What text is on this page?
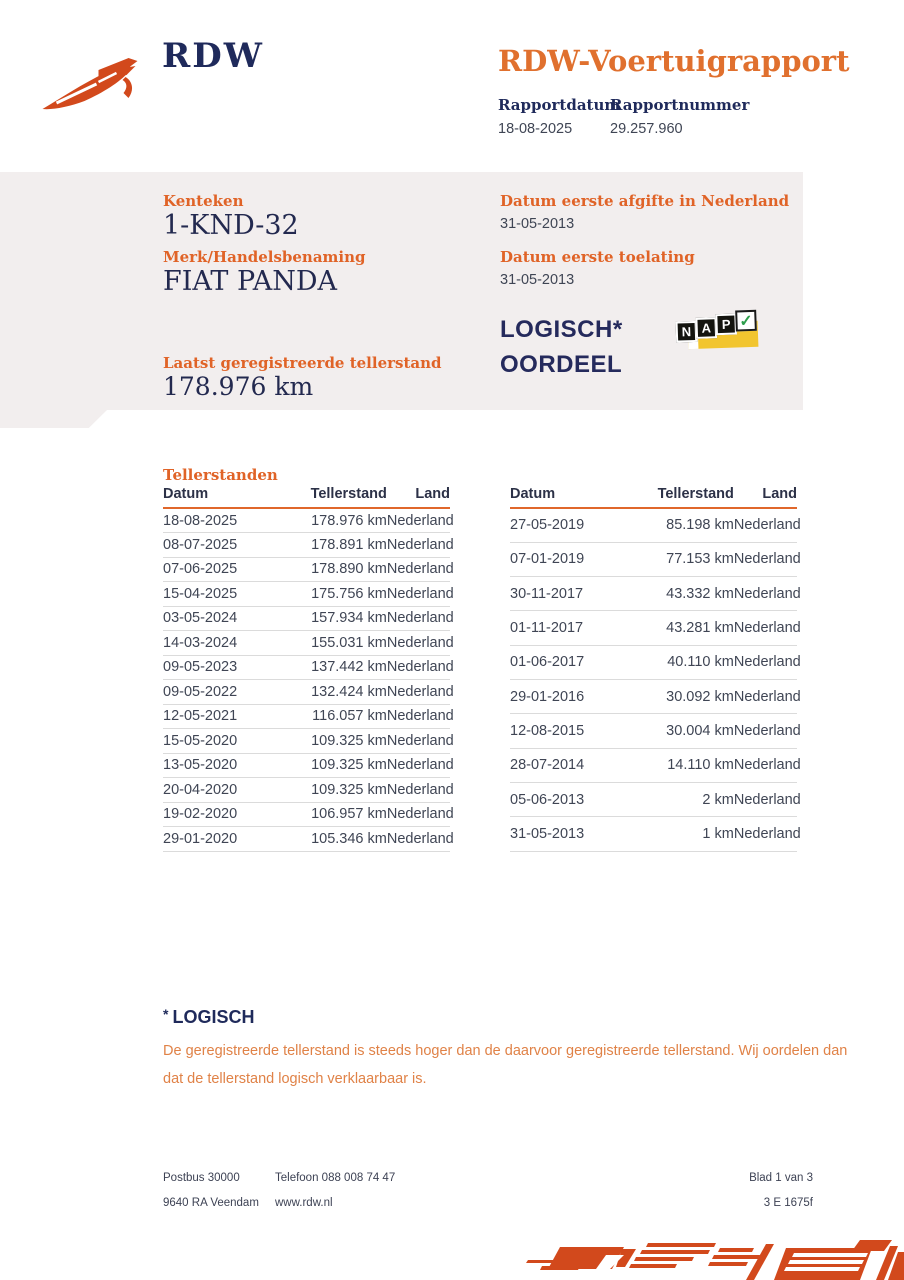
RDW	RDW-Voertuigrapport
Rapportdatum
18-08-2025
Rapportnummer
29.257.960
Kenteken
1-KND-32
Merk/Handelsbenaming
FIAT PANDA
Laatst geregistreerde tellerstand
178.976 km
Datum eerste afgifte in Nederland
31-05-2013
Datum eerste toelating
31-05-2013
LOGISCH*
OORDEEL
N A P ✓
Tellerstanden
Datum	Tellerstand	Land
18-08-2025	178.976 km	Nederland
08-07-2025	178.891 km	Nederland
07-06-2025	178.890 km	Nederland
15-04-2025	175.756 km	Nederland
03-05-2024	157.934 km	Nederland
14-03-2024	155.031 km	Nederland
09-05-2023	137.442 km	Nederland
09-05-2022	132.424 km	Nederland
12-05-2021	116.057 km	Nederland
15-05-2020	109.325 km	Nederland
13-05-2020	109.325 km	Nederland
20-04-2020	109.325 km	Nederland
19-02-2020	106.957 km	Nederland
29-01-2020	105.346 km	Nederland
Datum	Tellerstand	Land
27-05-2019	85.198 km	Nederland
07-01-2019	77.153 km	Nederland
30-11-2017	43.332 km	Nederland
01-11-2017	43.281 km	Nederland
01-06-2017	40.110 km	Nederland
29-01-2016	30.092 km	Nederland
12-08-2015	30.004 km	Nederland
28-07-2014	14.110 km	Nederland
05-06-2013	2 km	Nederland
31-05-2013	1 km	Nederland
* LOGISCH
De geregistreerde tellerstand is steeds hoger dan de daarvoor geregistreerde tellerstand. Wij oordelen dan dat de tellerstand logisch verklaarbaar is.
Postbus 30000	Telefoon 088 008 74 47
9640 RA Veendam	www.rdw.nl
Blad 1 van 3
3 E 1675f
